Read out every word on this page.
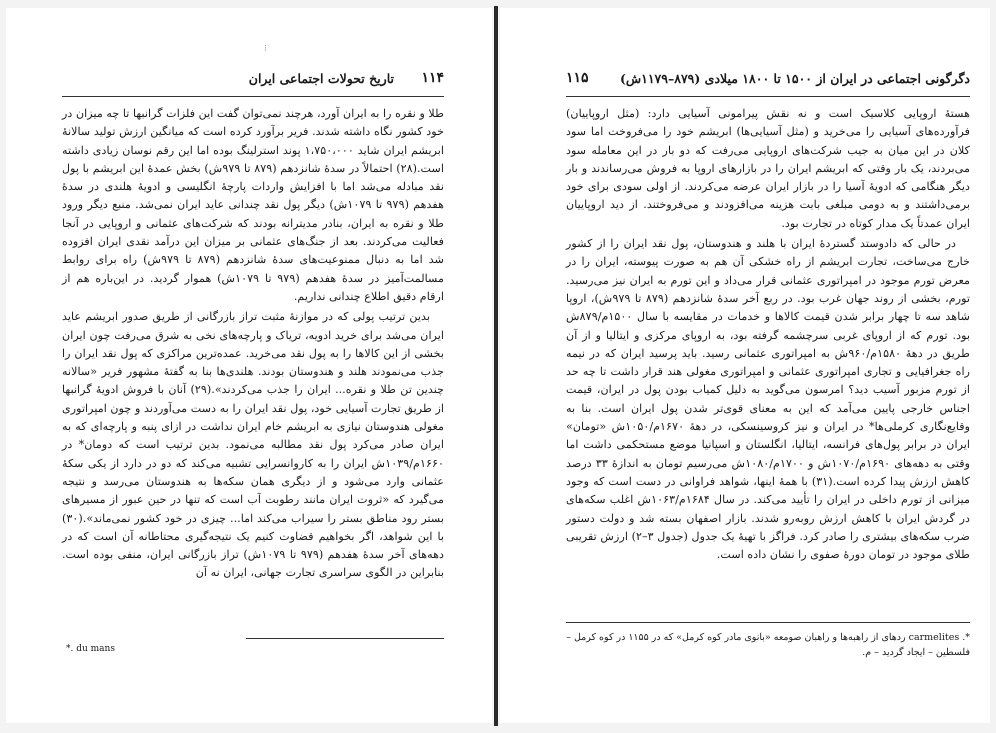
⁝
۱۱۴
تاریخ تحولات اجتماعی ایران

طلا و نقره را به ایران آورد، هرچند نمی‌توان گفت این فلزات گرانبها تا چه میزان در خود کشور نگاه داشته شدند. فریر برآورد کرده است که میانگین ارزش تولید سالانهٔ ابریشم ایران شاید ۱،۷۵۰،۰۰۰ پوند استرلینگ بوده اما این رقم نوسان زیادی داشته است.(۲۸) احتمالاً در سدهٔ شانزدهم (۸۷۹ تا ۹۷۹ش) بخش عمدهٔ این ابریشم با پول نقد مبادله می‌شد اما با افزایش واردات پارچهٔ انگلیسی و ادویهٔ هلندی در سدهٔ هفدهم (۹۷۹ تا ۱۰۷۹ش) دیگر پول نقد چندانی عاید ایران نمی‌شد. منبع دیگر ورود طلا و نقره به ایران، بنادر مدیترانه بودند که شرکت‌های عثمانی و اروپایی در آنجا فعالیت می‌کردند. بعد از جنگ‌های عثمانی بر میزان این درآمد نقدی ایران افزوده شد اما به دنبال ممنوعیت‌های سدهٔ شانزدهم (۸۷۹ تا ۹۷۹ش) راه برای روابط مسالمت‌آمیز در سدهٔ هفدهم (۹۷۹ تا ۱۰۷۹ش) هموار گردید. در این‌باره هم از ارقام دقیق اطلاع چندانی نداریم.

بدین ترتیب پولی که در موازنهٔ مثبت تراز بازرگانی از طریق صدور ابریشم عاید ایران می‌شد برای خرید ادویه، تریاک و پارچه‌های نخی به شرق می‌رفت چون ایران بخشی از این کالاها را به پول نقد می‌خرید. عمده‌ترین مراکزی که پول نقد ایران را جذب می‌نمودند هلند و هندوستان بودند. هلندی‌ها بنا به گفتهٔ مشهور فریر «سالانه چندین تن طلا و نقره... ایران را جذب می‌کردند».(۲۹) آنان با فروش ادویهٔ گرانبها از طریق تجارت آسیایی خود، پول نقد ایران را به دست می‌آوردند و چون امپراتوری مغولی هندوستان نیازی به ابریشم خام ایران نداشت در ازای پنبه و پارچه‌ای که به ایران صادر می‌کرد پول نقد مطالبه می‌نمود. بدین ترتیب است که دومان* در ۱۶۶۰م/۱۰۳۹ش ایران را به کاروانسرایی تشبیه می‌کند که دو در دارد از یکی سکهٔ عثمانی وارد می‌شود و از دیگری همان سکه‌ها به هندوستان می‌رسد و نتیجه می‌گیرد که «ثروت ایران مانند رطوبت آب است که تنها در حین عبور از مسیرهای بستر رود مناطق بستر را سیراب می‌کند اما... چیزی در خود کشور نمی‌ماند».(۳۰) با این شواهد، اگر بخواهیم قضاوت کنیم یک نتیجه‌گیری محتاطانه آن است که در دهه‌های آخر سدهٔ هفدهم (۹۷۹ تا ۱۰۷۹ش) تراز بازرگانی ایران، منفی بوده است. بنابراین در الگوی سراسری تجارت جهانی، ایران نه آن

*. du mans
۱۱۵	دگرگونی اجتماعی در ایران از ۱۵۰۰ تا ۱۸۰۰ میلادی (۸۷۹–۱۱۷۹ش)

هستهٔ اروپایی کلاسیک است و نه نقش پیرامونی آسیایی دارد: (مثل اروپاییان) فرآورده‌های آسیایی را می‌خرید و (مثل آسیایی‌ها) ابریشم خود را می‌فروخت اما سود کلان در این میان به جیب شرکت‌های اروپایی می‌رفت که دو بار در این معامله سود می‌بردند، یک بار وقتی که ابریشم ایران را در بازارهای اروپا به فروش می‌رساندند و بار دیگر هنگامی که ادویهٔ آسیا را در بازار ایران عرضه می‌کردند. از اولی سودی برای خود برمی‌داشتند و به دومی مبلغی بابت هزینه می‌افزودند و می‌فروختند. از دید اروپاییان ایران عمدتاً یک مدار کوتاه در تجارت بود.

در حالی که دادوستد گستردهٔ ایران با هلند و هندوستان، پول نقد ایران را از کشور خارج می‌ساخت، تجارت ابریشم از راه خشکی آن هم به صورت پیوسته، ایران را در معرض تورم موجود در امپراتوری عثمانی قرار می‌داد و این تورم به ایران نیز می‌رسید. تورم، بخشی از روند جهان غرب بود. در ربع آخر سدهٔ شانزدهم (۸۷۹ تا ۹۷۹ش)، اروپا شاهد سه تا چهار برابر شدن قیمت کالاها و خدمات در مقایسه با سال ۱۵۰۰م/۸۷۹ش بود. تورم که از اروپای غربی سرچشمه گرفته بود، به اروپای مرکزی و ایتالیا و از آن طریق در دههٔ ۱۵۸۰م/۹۶۰ش به امپراتوری عثمانی رسید. باید پرسید ایران که در نیمه راه جغرافیایی و تجاری امپراتوری عثمانی و امپراتوری مغولی هند قرار داشت تا چه حد از تورم مزبور آسیب دید؟ امرسون می‌گوید به دلیل کمیاب بودن پول در ایران، قیمت اجناس خارجی پایین می‌آمد که این به معنای قوی‌تر شدن پول ایران است. بنا به وقایع‌نگاری کرملی‌ها* در ایران و نیز کروسینسکی، در دههٔ ۱۶۷۰م/۱۰۵۰ش «تومان» ایران در برابر پول‌های فرانسه، ایتالیا، انگلستان و اسپانیا موضع مستحکمی داشت اما وقتی به دهه‌های ۱۶۹۰م/۱۰۷۰ش و ۱۷۰۰م/۱۰۸۰ش می‌رسیم تومان به اندازهٔ ۳۳ درصد کاهش ارزش پیدا کرده است.(۳۱) با همهٔ اینها، شواهد فراوانی در دست است که وجود میزانی از تورم داخلی در ایران را تأیید می‌کند. در سال ۱۶۸۴م/۱۰۶۳ش اغلب سکه‌های در گردش ایران با کاهش ارزش روبه‌رو شدند. بازار اصفهان بسته شد و دولت دستور ضرب سکه‌های بیشتری را صادر کرد. فراگز با تهیهٔ یک جدول (جدول ۳–۲) ارزش تقریبی طلای موجود در تومان دورهٔ صفوی را نشان داده است.

*. carmelites ردهای از راهبه‌ها و راهبان صومعه «بانوی مادر کوه کرمل» که در ۱۱۵۵ در کوه کرمل – فلسطین – ایجاد گردید – م.
